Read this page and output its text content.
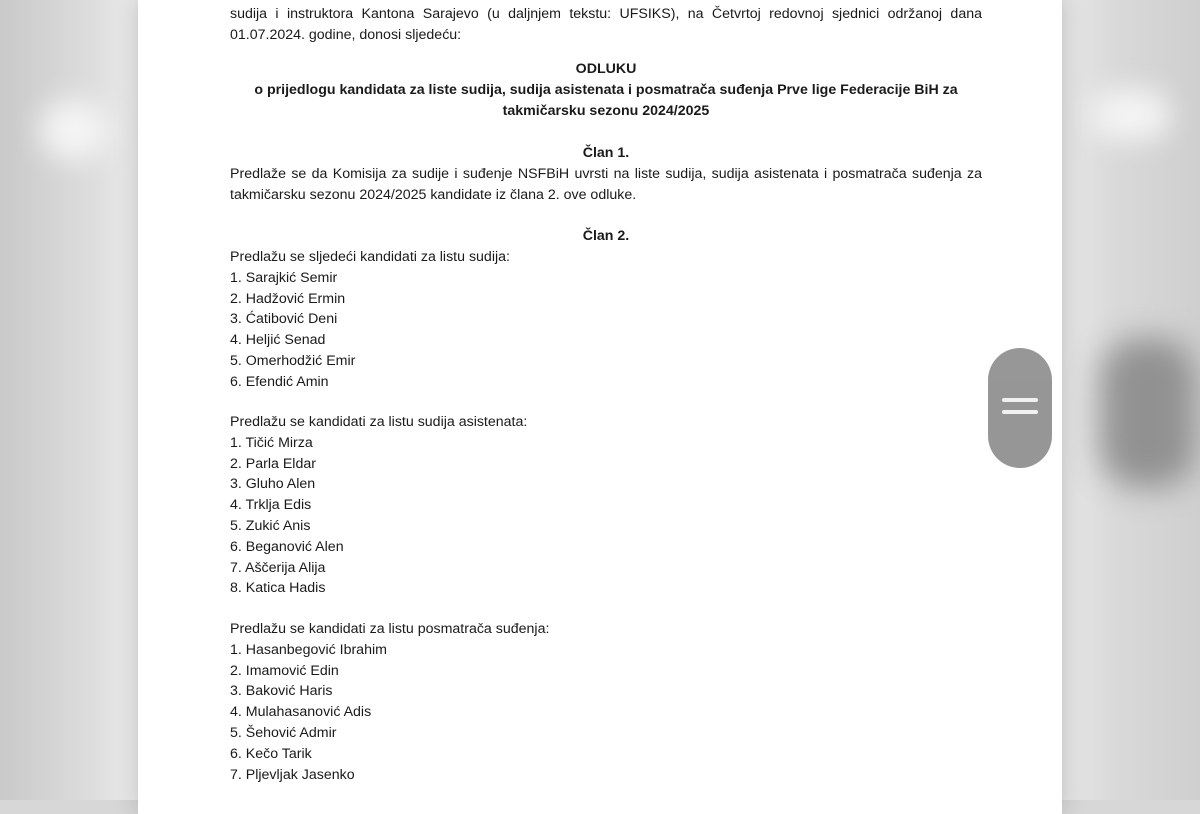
sudija i instruktora Kantona Sarajevo (u daljnjem tekstu: UFSIKS), na Četvrtoj redovnoj sjednici održanoj dana 01.07.2024. godine, donosi sljedeću:
ODLUKU
o prijedlogu kandidata za liste sudija, sudija asistenata i posmatrača suđenja Prve lige Federacije BiH za
takmičarsku sezonu 2024/2025
Član 1.
Predlaže se da Komisija za sudije i suđenje NSFBiH uvrsti na liste sudija, sudija asistenata i posmatrača suđenja za takmičarsku sezonu 2024/2025 kandidate iz člana 2. ove odluke.
Član 2.
Predlažu se sljedeći kandidati za listu sudija:
1. Sarajkić Semir
2. Hadžović Ermin
3. Ćatibović Deni
4. Heljić Senad
5. Omerhodžić Emir
6. Efendić Amin
Predlažu se kandidati za listu sudija asistenata:
1. Tičić Mirza
2. Parla Eldar
3. Gluho Alen
4. Trklja Edis
5. Zukić Anis
6. Beganović Alen
7. Aščerija Alija
8. Katica Hadis
Predlažu se kandidati za listu posmatrača suđenja:
1. Hasanbegović Ibrahim
2. Imamović Edin
3. Baković Haris
4. Mulahasanović Adis
5. Šehović Admir
6. Kečo Tarik
7. Pljevljak Jasenko
